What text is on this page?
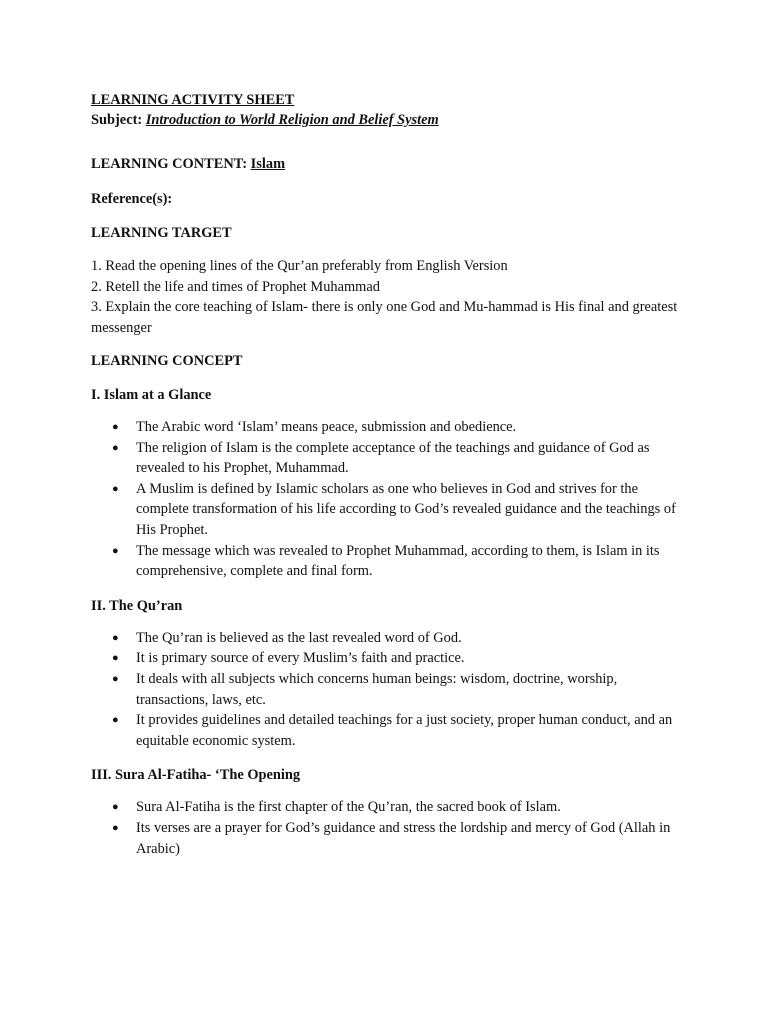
LEARNING ACTIVITY SHEET

Subject: Introduction to World Religion and Belief System

LEARNING CONTENT: Islam

Reference(s):

LEARNING TARGET

1. Read the opening lines of the Qur’an preferably from English Version

2. Retell the life and times of Prophet Muhammad

3. Explain the core teaching of Islam- there is only one God and Mu-hammad is His final and greatest messenger

LEARNING CONCEPT

I. Islam at a Glance

● The Arabic word ‘Islam’ means peace, submission and obedience.
● The religion of Islam is the complete acceptance of the teachings and guidance of God as revealed to his Prophet, Muhammad.
● A Muslim is defined by Islamic scholars as one who believes in God and strives for the complete transformation of his life according to God’s revealed guidance and the teachings of His Prophet.
● The message which was revealed to Prophet Muhammad, according to them, is Islam in its comprehensive, complete and final form.

II. The Qu’ran

● The Qu’ran is believed as the last revealed word of God.
● It is primary source of every Muslim’s faith and practice.
● It deals with all subjects which concerns human beings: wisdom, doctrine, worship, transactions, laws, etc.
● It provides guidelines and detailed teachings for a just society, proper human conduct, and an equitable economic system.

III. Sura Al-Fatiha- ‘The Opening

● Sura Al-Fatiha is the first chapter of the Qu’ran, the sacred book of Islam.
● Its verses are a prayer for God’s guidance and stress the lordship and mercy of God (Allah in Arabic)
